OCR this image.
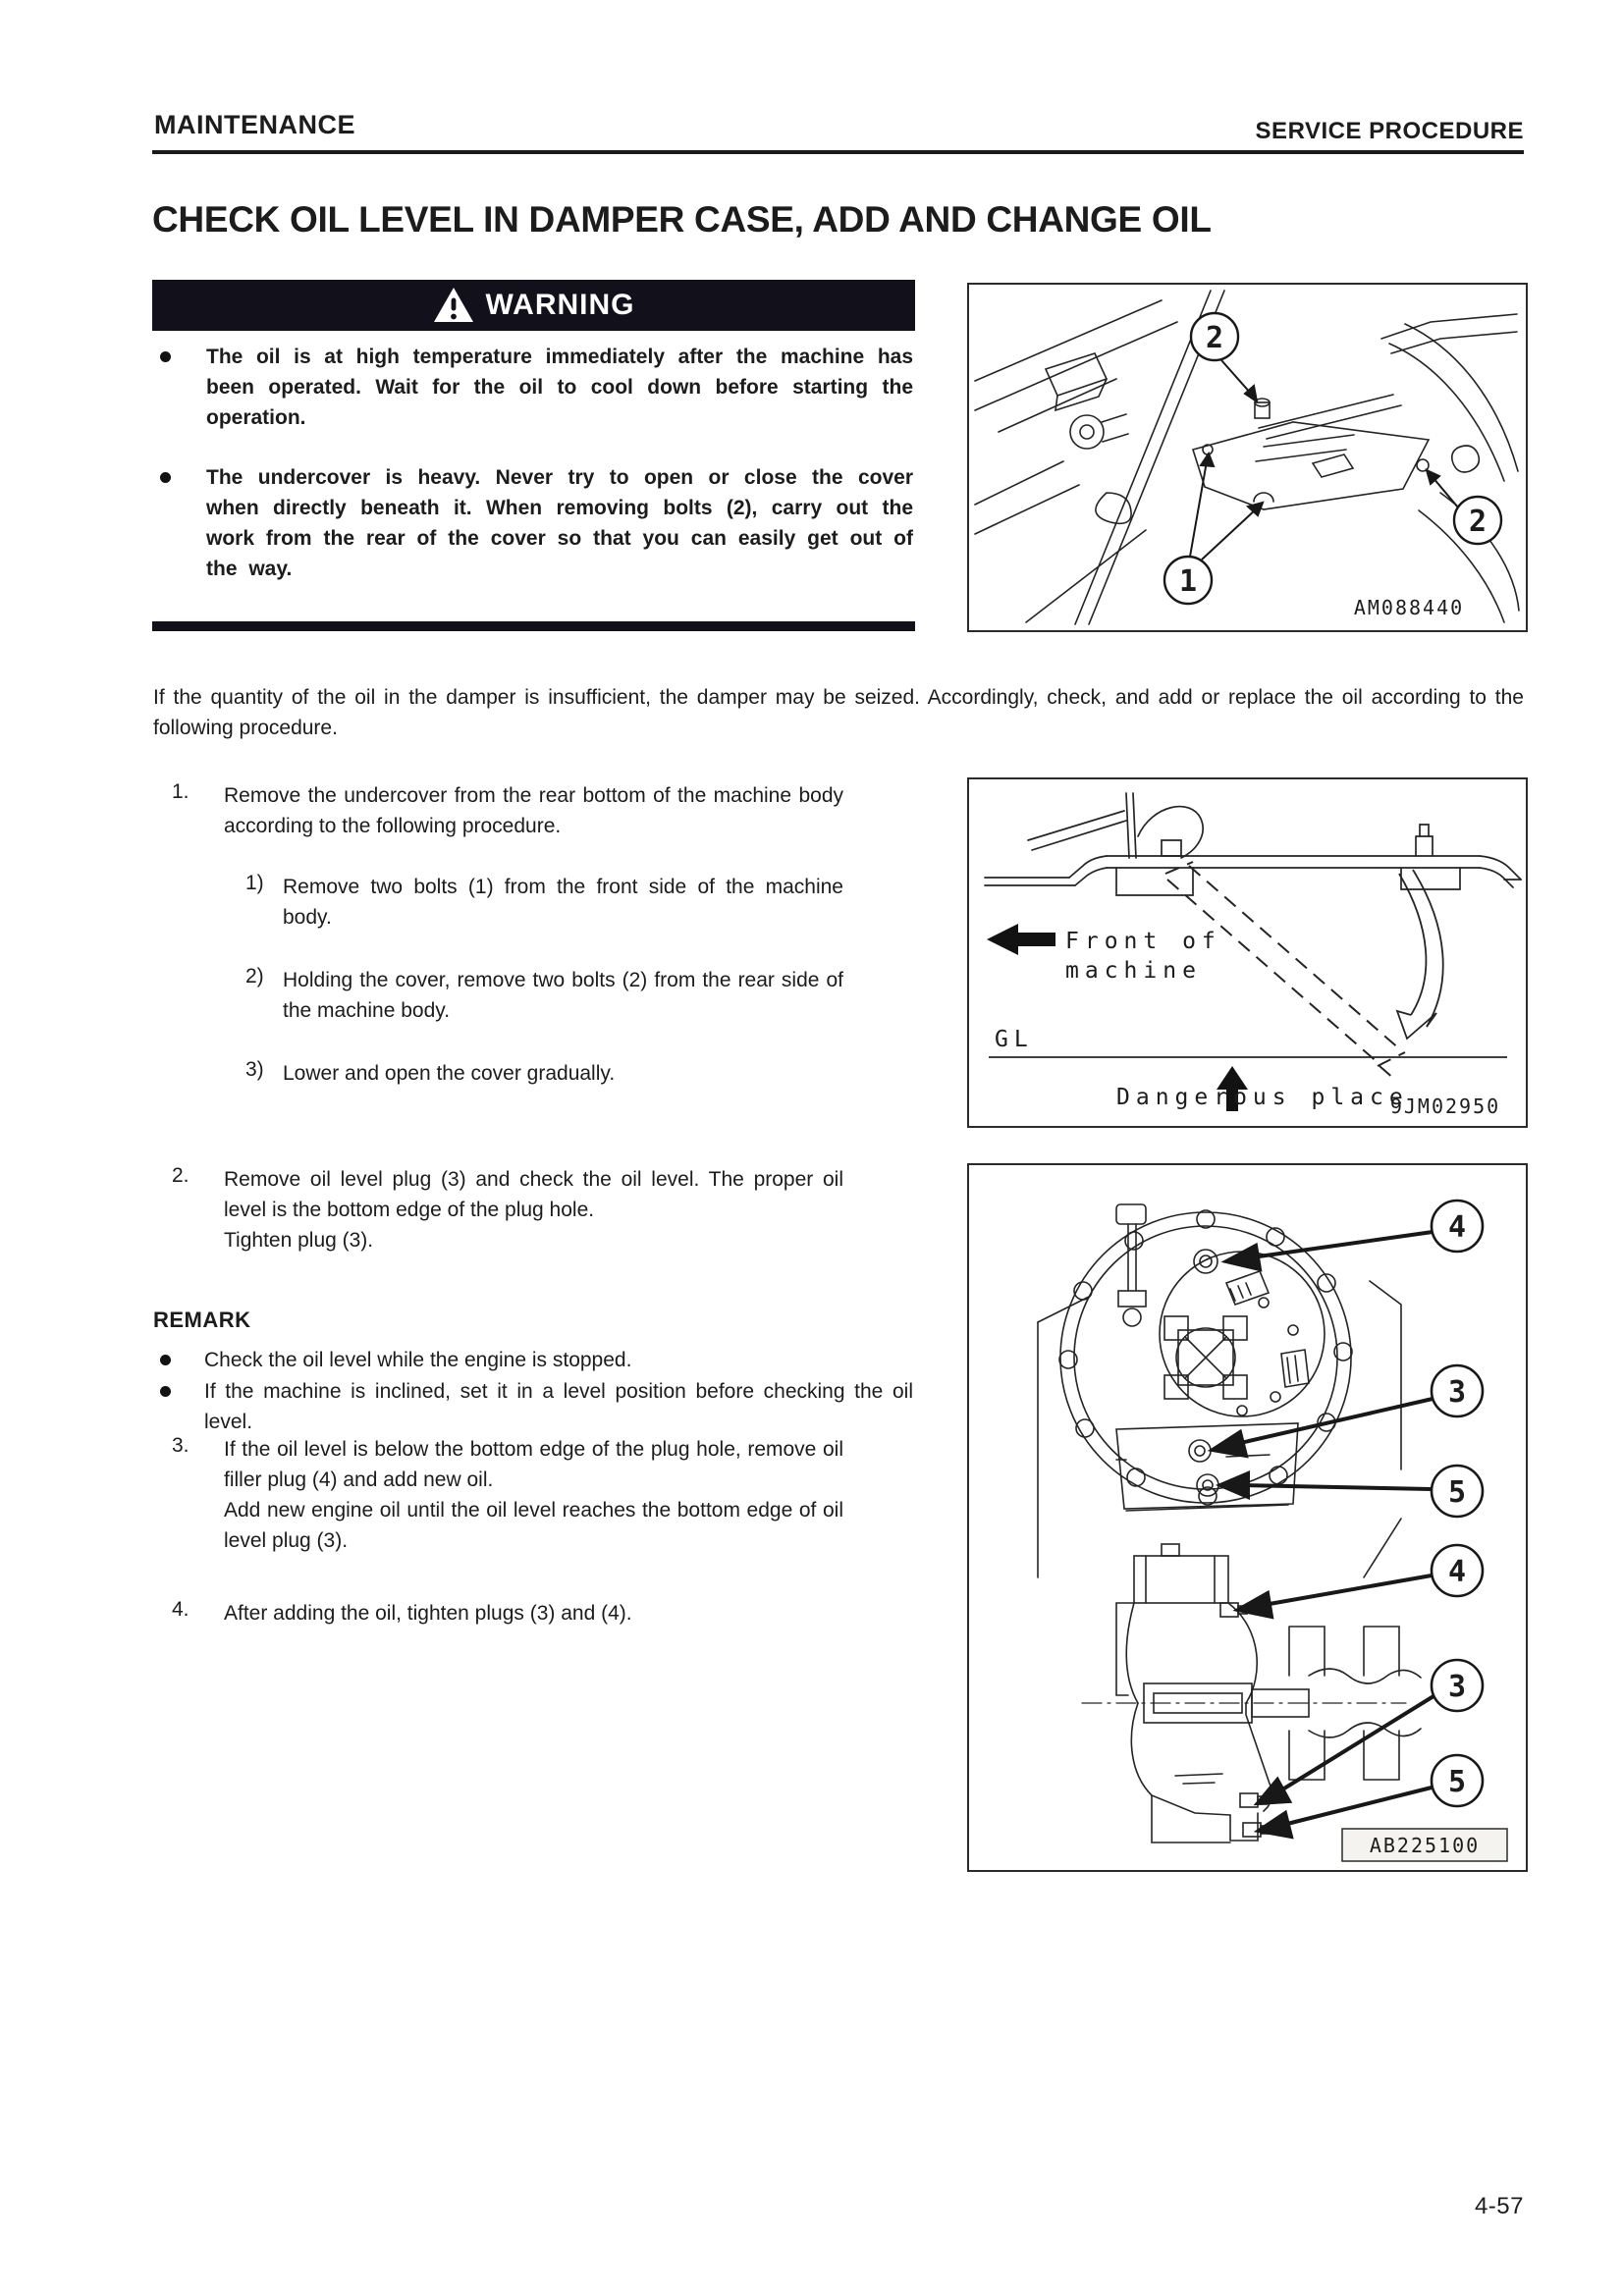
MAINTENANCE	SERVICE PROCEDURE
CHECK OIL LEVEL IN DAMPER CASE, ADD AND CHANGE OIL
WARNING
The oil is at high temperature immediately after the machine has been operated. Wait for the oil to cool down before starting the operation.
The undercover is heavy. Never try to open or close the cover when directly beneath it. When removing bolts (2), carry out the work from the rear of the cover so that you can easily get out of the way.
If the quantity of the oil in the damper is insufficient, the damper may be seized. Accordingly, check, and add or replace the oil according to the following procedure.
1. Remove the undercover from the rear bottom of the machine body according to the following procedure.
1) Remove two bolts (1) from the front side of the machine body.
2) Holding the cover, remove two bolts (2) from the rear side of the machine body.
3) Lower and open the cover gradually.
2. Remove oil level plug (3) and check the oil level. The proper oil level is the bottom edge of the plug hole.
Tighten plug (3).
REMARK
Check the oil level while the engine is stopped.
If the machine is inclined, set it in a level position before checking the oil level.
3. If the oil level is below the bottom edge of the plug hole, remove oil filler plug (4) and add new oil.
Add new engine oil until the oil level reaches the bottom edge of oil level plug (3).
4. After adding the oil, tighten plugs (3) and (4).
2
2
1
AM088440
Front of
machine
GL
Dangerous place
9JM02950
4
3
5
4
3
5
AB225100
4-57
